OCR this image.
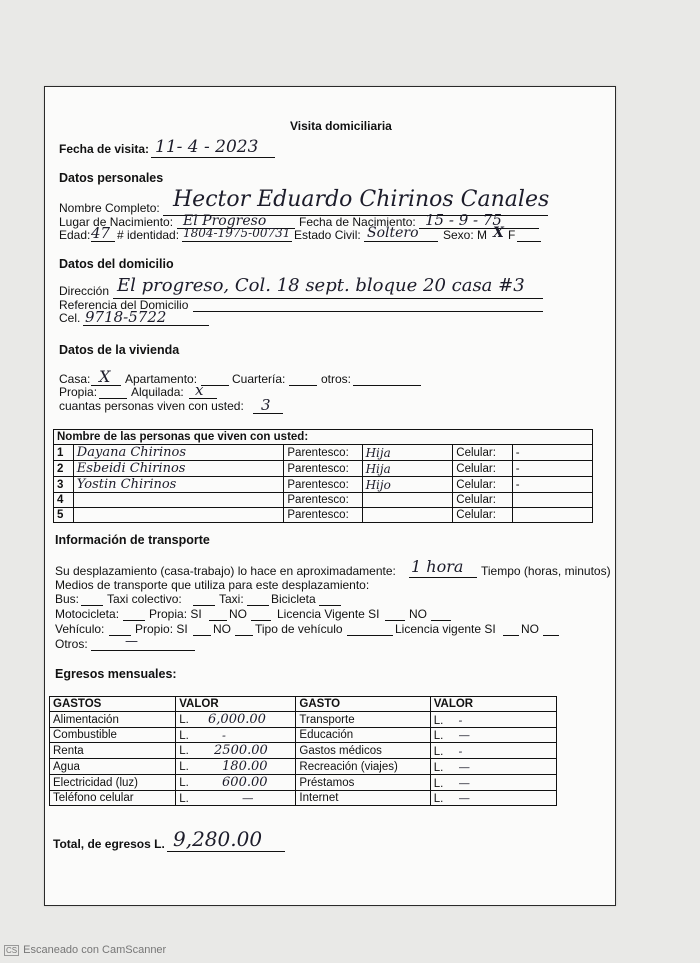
Visita domiciliaria
Fecha de visita: 11- 4 - 2023
Datos personales
Nombre Completo: Hector Eduardo Chirinos Canales
Lugar de Nacimiento: El Progreso	Fecha de Nacimiento: 15 - 9 - 75
Edad: 47 # identidad: 1804-1975-00731 Estado Civil: Soltero Sexo: M X F
Datos del domicilio
Dirección El progreso, Col. 18 sept. bloque 20 casa #3
Referencia del Domicilio
Cel. 9718-5722
Datos de la vivienda
Casa: X Apartamento:	Cuartería:	otros:
Propia:	Alquilada: x
cuantas personas viven con usted: 3
Nombre de las personas que viven con usted:					
1	Dayana Chirinos	Parentesco:	Hija	Celular:	-
2	Esbeidi Chirinos	Parentesco:	Hija	Celular:	-
3	Yostin Chirinos	Parentesco:	Hijo	Celular:	-
4		Parentesco:		Celular:	
5		Parentesco:		Celular:	
Información de transporte
Su desplazamiento (casa-trabajo) lo hace en aproximadamente: 1 hora Tiempo (horas, minutos)
Medios de transporte que utiliza para este desplazamiento:
Bus: Taxi colectivo:	Taxi: Bicicleta
Motocicleta: Propia: SI NO	Licencia Vigente SI NO
Vehículo:	Propio: SI NO Tipo de vehículo	Licencia vigente SI NO
Otros:	—
Egresos mensuales:
GASTOS	VALOR	GASTO	VALOR
Alimentación	L. 6,000.00	Transporte	L. -
Combustible	L. -	Educación	L. —
Renta	L. 2500.00	Gastos médicos	L. -
Agua	L. 180.00	Recreación (viajes)	L. —
Electricidad (luz)	L. 600.00	Préstamos	L. —
Teléfono celular	L. —	Internet	L. —
Total, de egresos L. 9,280.00
CS Escaneado con CamScanner
